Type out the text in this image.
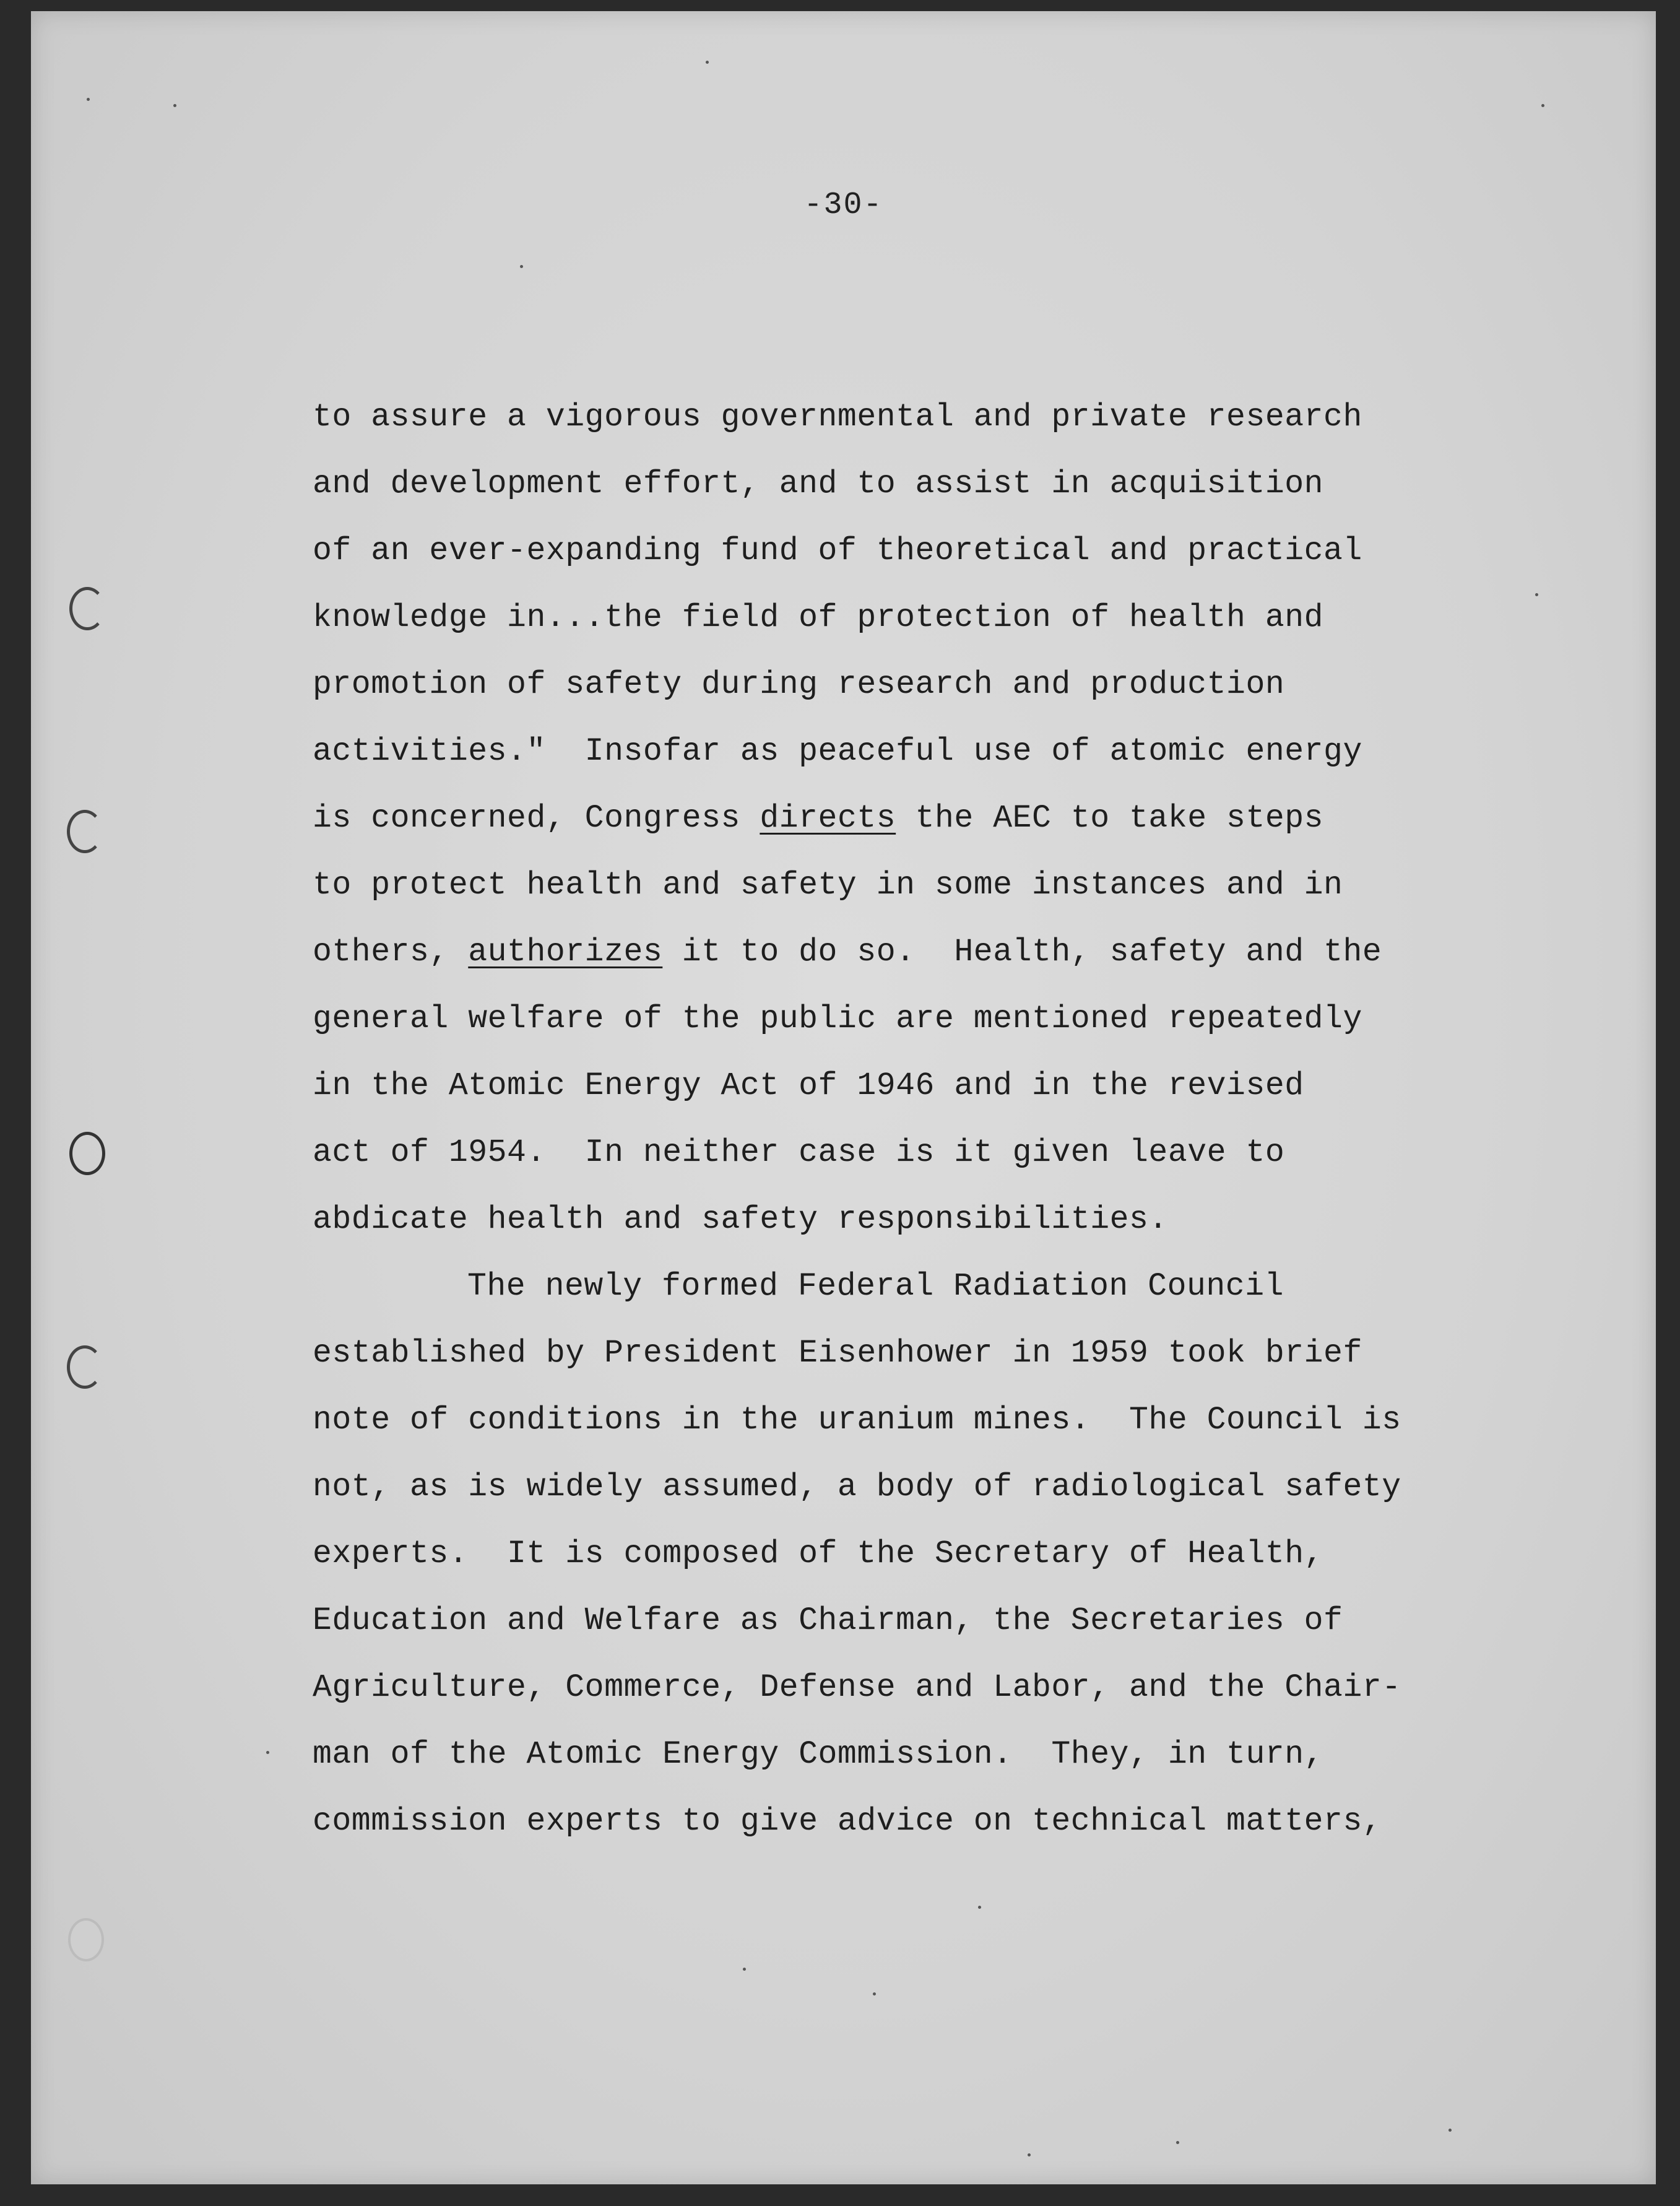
-30-
to assure a vigorous governmental and private research
and development effort, and to assist in acquisition
of an ever-expanding fund of theoretical and practical
knowledge in...the field of protection of health and
promotion of safety during research and production
activities."  Insofar as peaceful use of atomic energy
is concerned, Congress directs the AEC to take steps
to protect health and safety in some instances and in
others, authorizes it to do so.  Health, safety and the
general welfare of the public are mentioned repeatedly
in the Atomic Energy Act of 1946 and in the revised
act of 1954.  In neither case is it given leave to
abdicate health and safety responsibilities.
The newly formed Federal Radiation Council
established by President Eisenhower in 1959 took brief
note of conditions in the uranium mines.  The Council is
not, as is widely assumed, a body of radiological safety
experts.  It is composed of the Secretary of Health,
Education and Welfare as Chairman, the Secretaries of
Agriculture, Commerce, Defense and Labor, and the Chair-
man of the Atomic Energy Commission.  They, in turn,
commission experts to give advice on technical matters,
